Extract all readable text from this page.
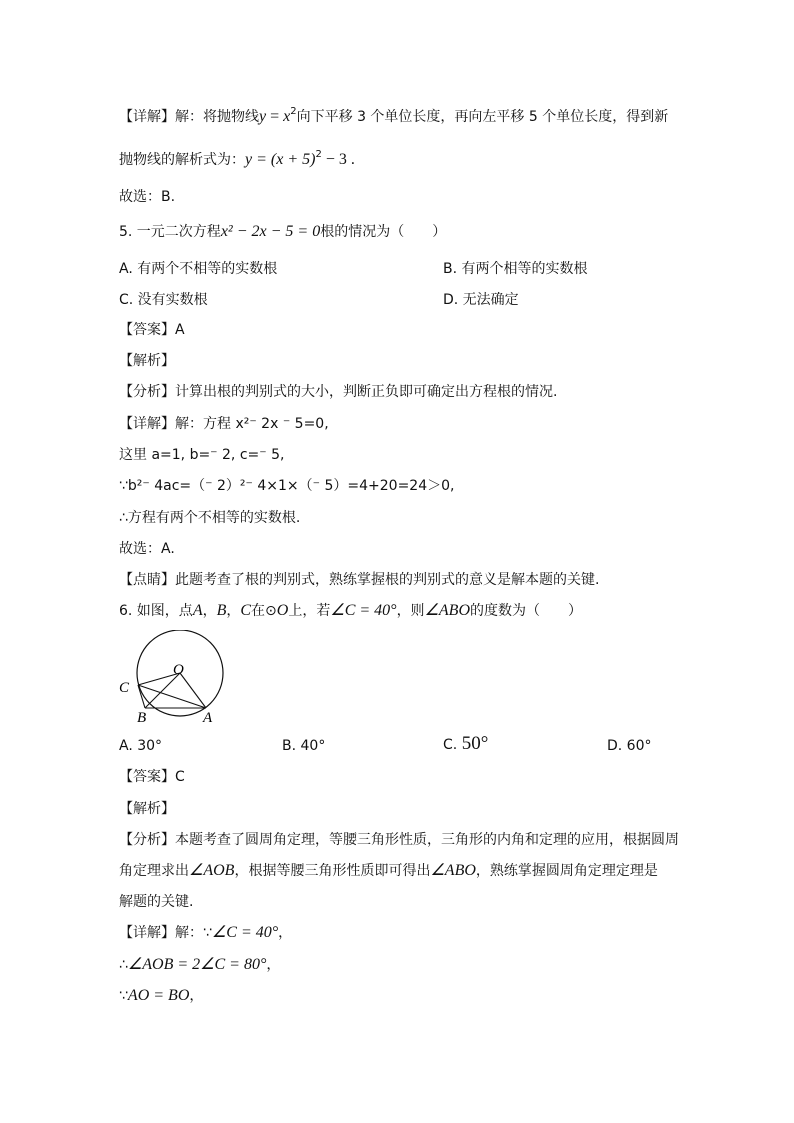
【详解】解：将抛物线$y = x^2$向下平移 3 个单位长度，再向左平移 5 个单位长度，得到新
抛物线的解析式为：$y = (x + 5)^2 - 3$ .
故选：B.
5. 一元二次方程x² − 2x − 5 = 0根的情况为（　　）
A. 有两个不相等的实数根	B. 有两个相等的实数根
C. 没有实数根	D. 无法确定
【答案】A
【解析】
【分析】计算出根的判别式的大小，判断正负即可确定出方程根的情况.
【详解】解：方程 x²⁻ 2x ⁻ 5=0,
这里 a=1, b=⁻ 2, c=⁻ 5,
∵b²⁻ 4ac=（⁻ 2）²⁻ 4×1×（⁻ 5）=4+20=24＞0,
∴方程有两个不相等的实数根.
故选：A.
【点睛】此题考查了根的判别式，熟练掌握根的判别式的意义是解本题的关键.
6. 如图，点A，B，C在⊙O上，若∠C = 40°，则∠ABO的度数为（　　）
O
C
B	A
A. 30°	B. 40°	C. 50°	D. 60°
【答案】C
【解析】
【分析】本题考查了圆周角定理，等腰三角形性质，三角形的内角和定理的应用，根据圆周
角定理求出∠AOB，根据等腰三角形性质即可得出∠ABO，熟练掌握圆周角定理定理是
解题的关键.
【详解】解：∵∠C = 40°，
∴∠AOB = 2∠C = 80°，
∵AO = BO，
